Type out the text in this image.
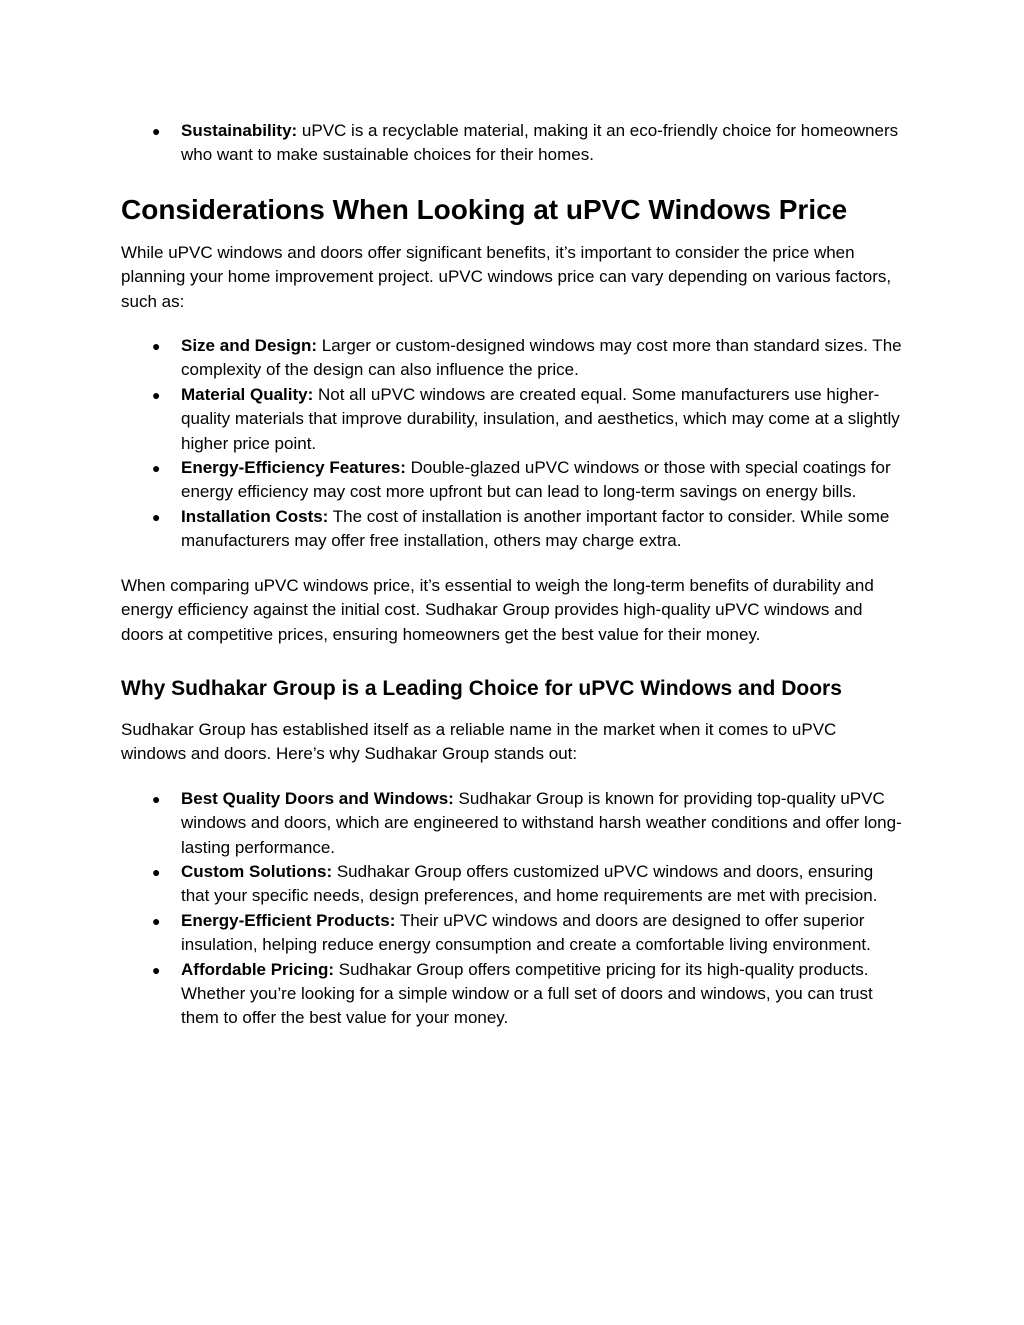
● Sustainability: uPVC is a recyclable material, making it an eco-friendly choice for homeowners who want to make sustainable choices for their homes.
Considerations When Looking at uPVC Windows Price

While uPVC windows and doors offer significant benefits, it’s important to consider the price when planning your home improvement project. uPVC windows price can vary depending on various factors, such as:

● Size and Design: Larger or custom-designed windows may cost more than standard sizes. The complexity of the design can also influence the price.
● Material Quality: Not all uPVC windows are created equal. Some manufacturers use higher-quality materials that improve durability, insulation, and aesthetics, which may come at a slightly higher price point.
● Energy-Efficiency Features: Double-glazed uPVC windows or those with special coatings for energy efficiency may cost more upfront but can lead to long-term savings on energy bills.
● Installation Costs: The cost of installation is another important factor to consider. While some manufacturers may offer free installation, others may charge extra.

When comparing uPVC windows price, it’s essential to weigh the long-term benefits of durability and energy efficiency against the initial cost. Sudhakar Group provides high-quality uPVC windows and doors at competitive prices, ensuring homeowners get the best value for their money.

Why Sudhakar Group is a Leading Choice for uPVC Windows and Doors

Sudhakar Group has established itself as a reliable name in the market when it comes to uPVC windows and doors. Here’s why Sudhakar Group stands out:

● Best Quality Doors and Windows: Sudhakar Group is known for providing top-quality uPVC windows and doors, which are engineered to withstand harsh weather conditions and offer long-lasting performance.
● Custom Solutions: Sudhakar Group offers customized uPVC windows and doors, ensuring that your specific needs, design preferences, and home requirements are met with precision.
● Energy-Efficient Products: Their uPVC windows and doors are designed to offer superior insulation, helping reduce energy consumption and create a comfortable living environment.
● Affordable Pricing: Sudhakar Group offers competitive pricing for its high-quality products. Whether you’re looking for a simple window or a full set of doors and windows, you can trust them to offer the best value for your money.
